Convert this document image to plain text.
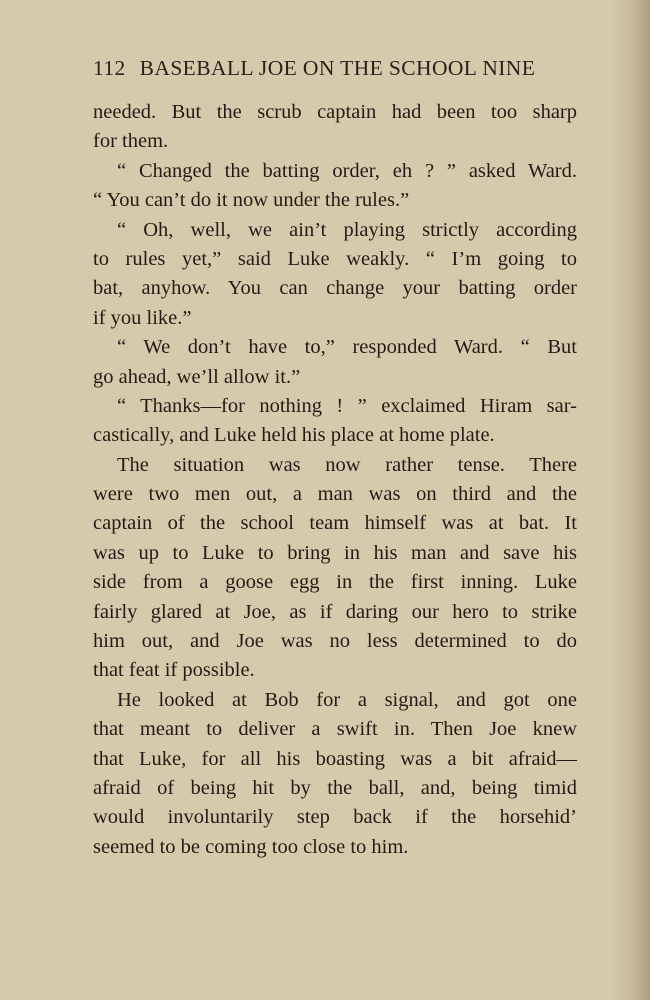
112 BASEBALL JOE ON THE SCHOOL NINE
needed. But the scrub captain had been too sharp
for them.
“ Changed the batting order, eh ? ” asked Ward.
“ You can’t do it now under the rules.”
“ Oh, well, we ain’t playing strictly according
to rules yet,” said Luke weakly. “ I’m going to
bat, anyhow. You can change your batting order
if you like.”
“ We don’t have to,” responded Ward. “ But
go ahead, we’ll allow it.”
“ Thanks—for nothing ! ” exclaimed Hiram sar-
castically, and Luke held his place at home plate.
The situation was now rather tense. There
were two men out, a man was on third and the
captain of the school team himself was at bat. It
was up to Luke to bring in his man and save his
side from a goose egg in the first inning. Luke
fairly glared at Joe, as if daring our hero to strike
him out, and Joe was no less determined to do
that feat if possible.
He looked at Bob for a signal, and got one
that meant to deliver a swift in. Then Joe knew
that Luke, for all his boasting was a bit afraid—
afraid of being hit by the ball, and, being timid
would involuntarily step back if the horsehid’
seemed to be coming too close to him.
